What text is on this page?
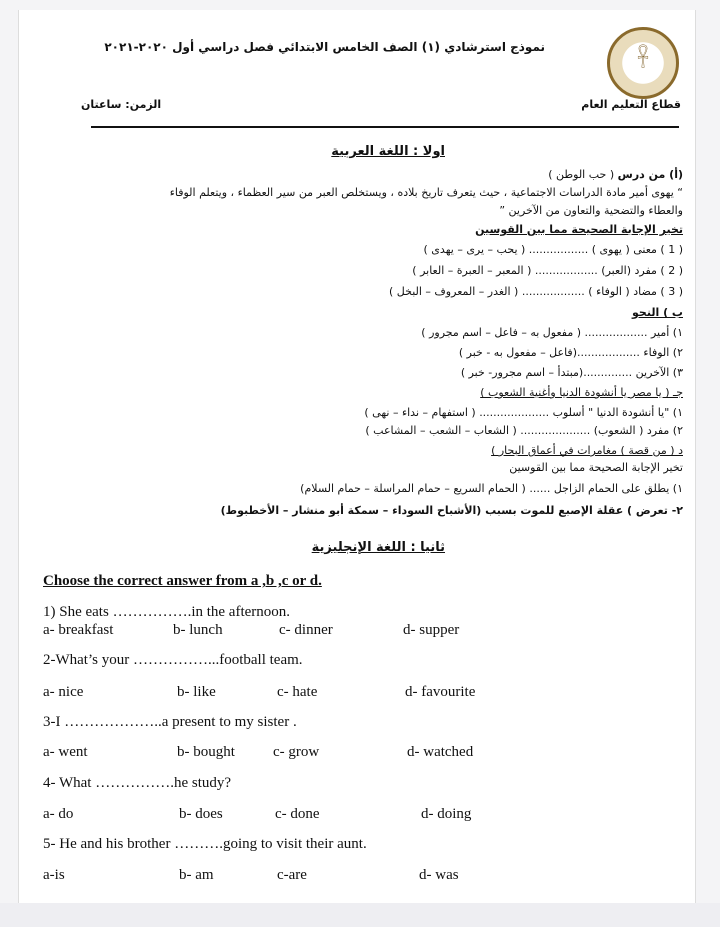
𓋹
نموذج استرشادي (١) الصف الخامس الابتدائي فصل دراسي أول ٢٠٢٠-٢٠٢١
قطاع التعليم العام
الزمن: ساعتان
اولا : اللغة العربية
(أ) من درس ( حب الوطن )
“ يهوى أمير مادة الدراسات الاجتماعية ، حيث يتعرف تاريخ بلاده ، ويستخلص العبر من سير العظماء ، ويتعلم الوفاء
والعطاء والتضحية والتعاون من الآخرين ”
تخير الإجابة الصحيحة مما بين القوسين
( 1 ) معنى ( يهوى ) ................. ( يحب – يرى – يهدى )
( 2 ) مفرد (العبر) .................. ( المعبر – العبرة – العابر )
( 3 ) مضاد ( الوفاء ) .................. ( الغدر – المعروف – البخل )
ب ) النحو
١) أمير .................. ( مفعول به – فاعل – اسم مجرور )
٢) الوفاء ..................(فاعل – مفعول به - خبر )
٣) الآخرين ..............(مبتدأ – اسم مجرور- خبر )
جـ ( يا مصر يا أنشودة الدنيا وأغنية الشعوب )
١) "يا أنشودة الدنيا " أسلوب .................... ( استفهام – نداء – نهى )
٢) مفرد ( الشعوب) .................... ( الشعاب – الشعب – المشاعب )
د ( من قصة ) مغامرات في أعماق البحار )
تخير الإجابة الصحيحة مما بين القوسين
١) يطلق على الحمام الزاجل ...... ( الحمام السريع – حمام المراسلة – حمام السلام)
٢- تعرض ) عقلة الإصبع للموت بسبب (الأشباح السوداء – سمكة أبو منشار – الأخطبوط)
ثانيا : اللغة الإنجليزية
Choose the correct answer from a ,b ,c or d.
1) She eats …………….in the afternoon.
a- breakfast	b- lunch	c- dinner	d- supper
2-What’s your ……………...football team.
a- nice	b- like	c- hate	d- favourite
3-I ………………..a present to my sister .
a- went	b- bought	c- grow	d- watched
4- What …………….he study?
a- do	b- does	c- done	d- doing
5- He and his brother ……….going to visit their aunt.
a-is	b- am	c-are	d- was
